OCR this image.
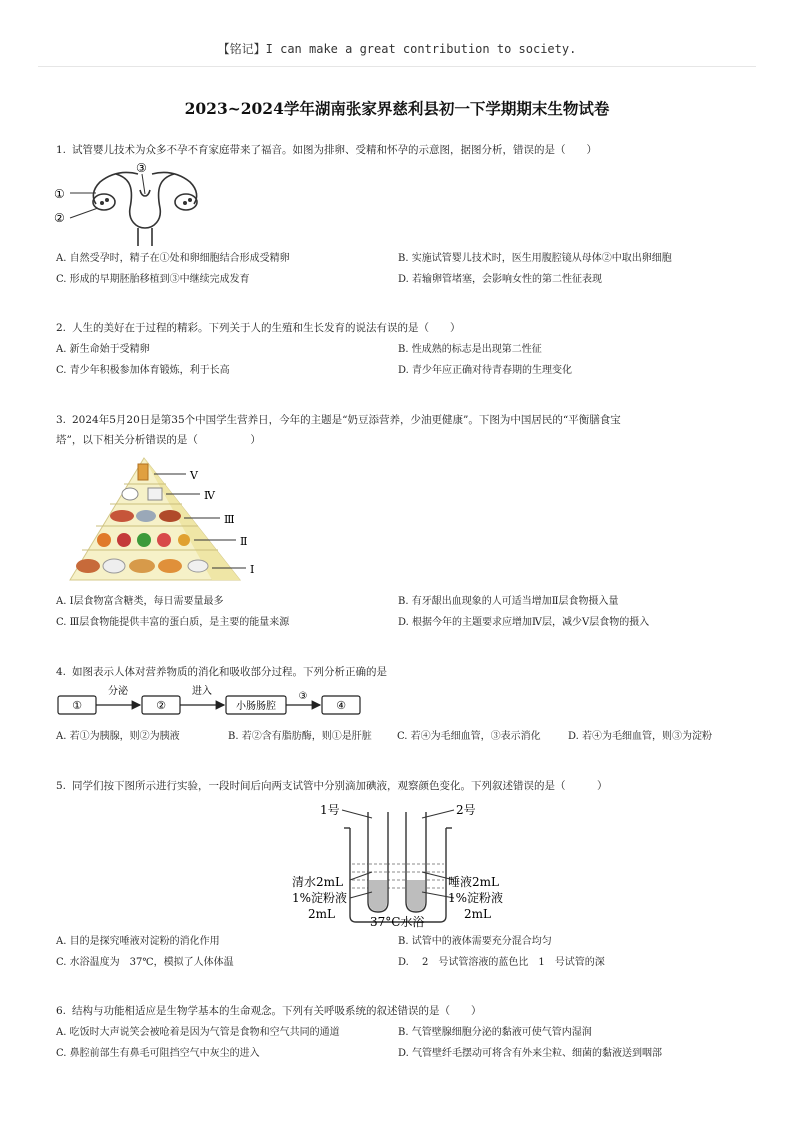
【铭记】I can make a great contribution to society.
2023~2024学年湖南张家界慈利县初一下学期期末生物试卷
1. 试管婴儿技术为众多不孕不育家庭带来了福音。如图为排卵、受精和怀孕的示意图，据图分析，错误的是（　　）
①
②
③
A. 自然受孕时，精子在①处和卵细胞结合形成受精卵	B. 实施试管婴儿技术时，医生用腹腔镜从母体②中取出卵细胞
C. 形成的早期胚胎移植到③中继续完成发育	D. 若输卵管堵塞，会影响女性的第二性征表现
2. 人生的美好在于过程的精彩。下列关于人的生殖和生长发育的说法有误的是（　　）
A. 新生命始于受精卵	B. 性成熟的标志是出现第二性征
C. 青少年积极参加体育锻炼，利于长高	D. 青少年应正确对待青春期的生理变化
3. 2024年5月20日是第35个中国学生营养日，今年的主题是“奶豆添营养，少油更健康”。下图为中国居民的“平衡膳食宝
塔”，以下相关分析错误的是（　　　　　）
V
Ⅳ
Ⅲ
Ⅱ
I
A. Ⅰ层食物富含糖类，每日需要量最多	B. 有牙龈出血现象的人可适当增加Ⅱ层食物摄入量
C. Ⅲ层食物能提供丰富的蛋白质，是主要的能量来源	D. 根据今年的主题要求应增加Ⅳ层，减少Ⅴ层食物的摄入
4. 如图表示人体对营养物质的消化和吸收部分过程。下列分析正确的是
①	②	小肠肠腔	④
分泌	进入	③
A. 若①为胰腺，则②为胰液	B. 若②含有脂肪酶，则①是肝脏	C. 若④为毛细血管，③表示消化	D. 若④为毛细血管，则③为淀粉
5. 同学们按下图所示进行实验，一段时间后向两支试管中分别滴加碘液，观察颜色变化。下列叙述错误的是（　　　）
1号	2号
清水2mL
1%淀粉液
2mL
唾液2mL
1%淀粉液
2mL
37°C水浴
A. 目的是探究唾液对淀粉的消化作用	B. 试管中的液体需要充分混合均匀
C. 水浴温度为　37℃，模拟了人体体温	D. 　2　号试管溶液的蓝色比　1　号试管的深
6. 结构与功能相适应是生物学基本的生命观念。下列有关呼吸系统的叙述错误的是（　　）
A. 吃饭时大声说笑会被呛着是因为气管是食物和空气共同的通道	B. 气管壁腺细胞分泌的黏液可使气管内湿润
C. 鼻腔前部生有鼻毛可阻挡空气中灰尘的进入	D. 气管壁纤毛摆动可将含有外来尘粒、细菌的黏液送到咽部
